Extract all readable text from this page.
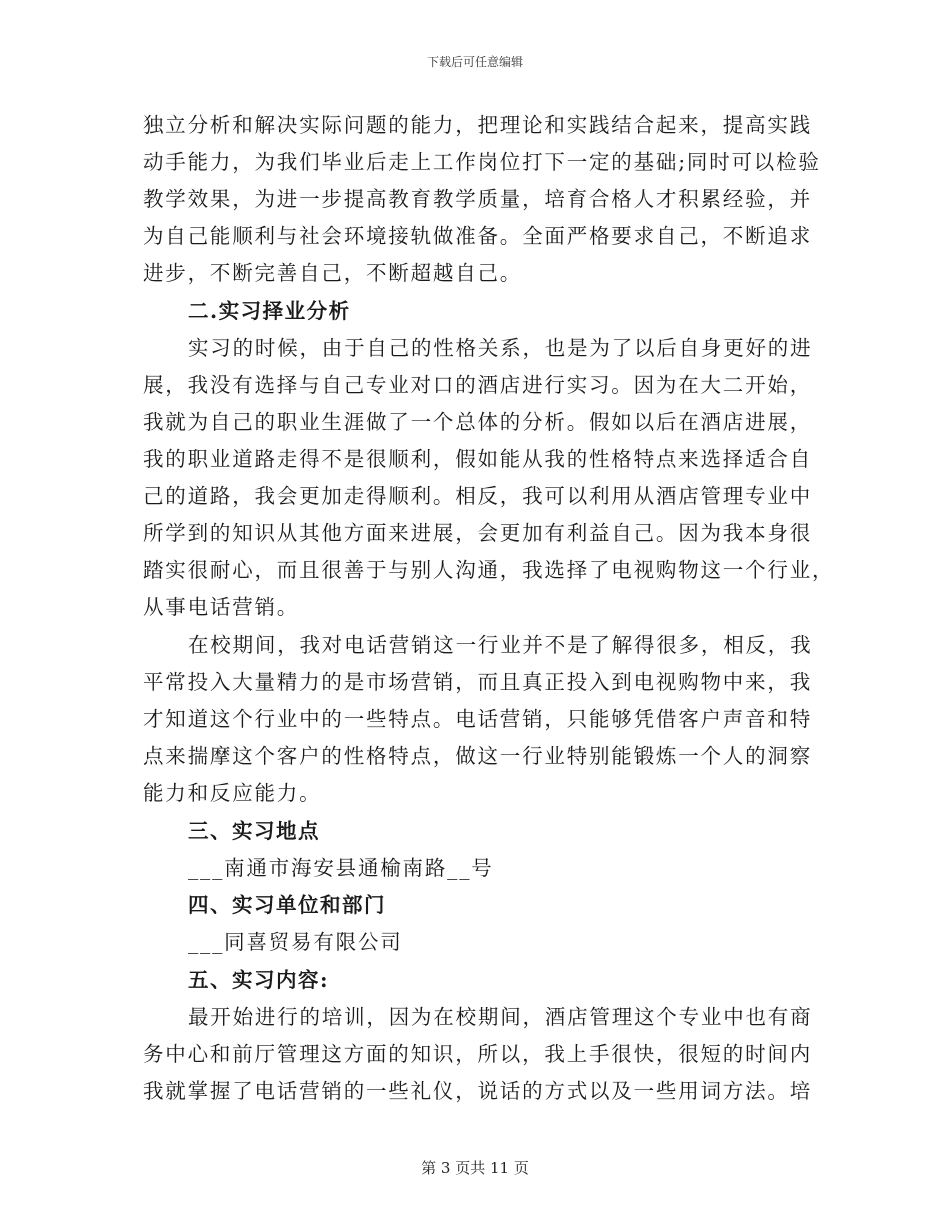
下载后可任意编辑
独立分析和解决实际问题的能力，把理论和实践结合起来，提高实践
动手能力，为我们毕业后走上工作岗位打下一定的基础;同时可以检验
教学效果，为进一步提高教育教学质量，培育合格人才积累经验，并
为自己能顺利与社会环境接轨做准备。全面严格要求自己，不断追求
进步，不断完善自己，不断超越自己。
二.实习择业分析
实习的时候，由于自己的性格关系，也是为了以后自身更好的进
展，我没有选择与自己专业对口的酒店进行实习。因为在大二开始，
我就为自己的职业生涯做了一个总体的分析。假如以后在酒店进展，
我的职业道路走得不是很顺利，假如能从我的性格特点来选择适合自
己的道路，我会更加走得顺利。相反，我可以利用从酒店管理专业中
所学到的知识从其他方面来进展，会更加有利益自己。因为我本身很
踏实很耐心，而且很善于与别人沟通，我选择了电视购物这一个行业，
从事电话营销。
在校期间，我对电话营销这一行业并不是了解得很多，相反，我
平常投入大量精力的是市场营销，而且真正投入到电视购物中来，我
才知道这个行业中的一些特点。电话营销，只能够凭借客户声音和特
点来揣摩这个客户的性格特点，做这一行业特别能锻炼一个人的洞察
能力和反应能力。
三、实习地点
___南通市海安县通榆南路__号
四、实习单位和部门
___同喜贸易有限公司
五、实习内容:
最开始进行的培训，因为在校期间，酒店管理这个专业中也有商
务中心和前厅管理这方面的知识，所以，我上手很快，很短的时间内
我就掌握了电话营销的一些礼仪，说话的方式以及一些用词方法。培
第 3 页共 11 页
